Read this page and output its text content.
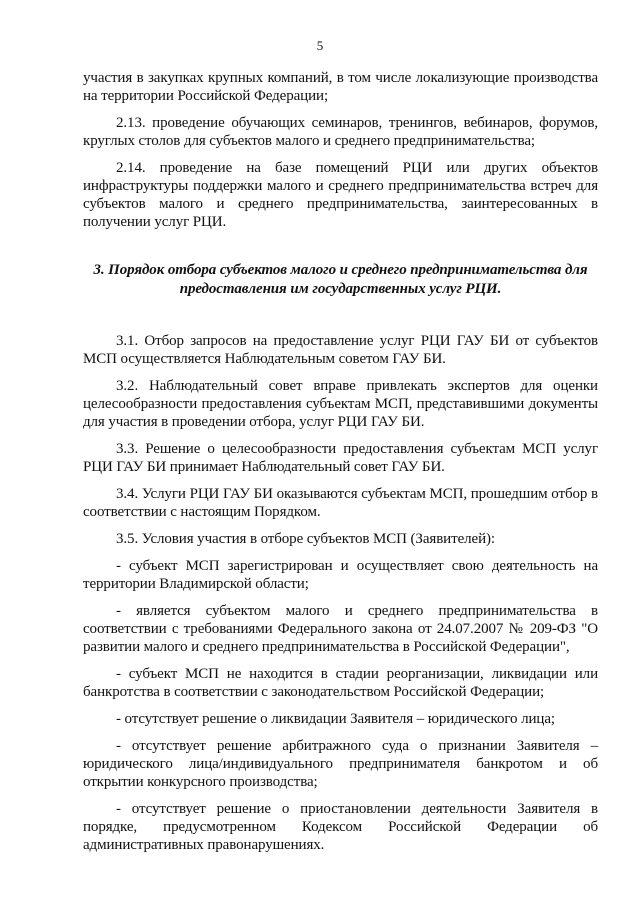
5

участия в закупках крупных компаний, в том числе локализующие производства на территории Российской Федерации;

2.13. проведение обучающих семинаров, тренингов, вебинаров, форумов, круглых столов для субъектов малого и среднего предпринимательства;

2.14. проведение на базе помещений РЦИ или других объектов инфраструктуры поддержки малого и среднего предпринимательства встреч для субъектов малого и среднего предпринимательства, заинтересованных в получении услуг РЦИ.

3. Порядок отбора субъектов малого и среднего предпринимательства для предоставления им государственных услуг РЦИ.

3.1. Отбор запросов на предоставление услуг РЦИ ГАУ БИ от субъектов МСП осуществляется Наблюдательным советом ГАУ БИ.

3.2. Наблюдательный совет вправе привлекать экспертов для оценки целесообразности предоставления субъектам МСП, представившими документы для участия в проведении отбора, услуг РЦИ ГАУ БИ.

3.3. Решение о целесообразности предоставления субъектам МСП услуг РЦИ ГАУ БИ принимает Наблюдательный совет ГАУ БИ.

3.4. Услуги РЦИ ГАУ БИ оказываются субъектам МСП, прошедшим отбор в соответствии с настоящим Порядком.

3.5. Условия участия в отборе субъектов МСП (Заявителей):

- субъект МСП зарегистрирован и осуществляет свою деятельность на территории Владимирской области;

- является субъектом малого и среднего предпринимательства в соответствии с требованиями Федерального закона от 24.07.2007 № 209-ФЗ "О развитии малого и среднего предпринимательства в Российской Федерации",

- субъект МСП не находится в стадии реорганизации, ликвидации или банкротства в соответствии с законодательством Российской Федерации;

- отсутствует решение о ликвидации Заявителя – юридического лица;

- отсутствует решение арбитражного суда о признании Заявителя – юридического лица/индивидуального предпринимателя банкротом и об открытии конкурсного производства;

- отсутствует решение о приостановлении деятельности Заявителя в порядке, предусмотренном Кодексом Российской Федерации об административных правонарушениях.
